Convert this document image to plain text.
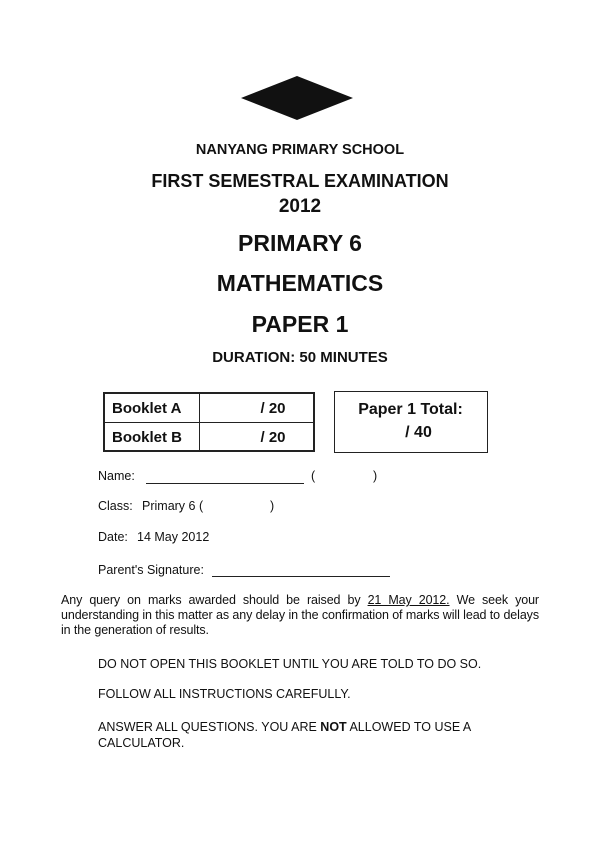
NANYANG PRIMARY SCHOOL
FIRST SEMESTRAL EXAMINATION
2012
PRIMARY 6
MATHEMATICS
PAPER 1
DURATION: 50 MINUTES
Booklet A	/ 20
Booklet B	/ 20
Paper 1 Total:
/ 40
Name:	(	)
Class: Primary 6 (	)
Date: 14 May 2012
Parent's Signature:
Any query on marks awarded should be raised by 21 May 2012. We seek your understanding in this matter as any delay in the confirmation of marks will lead to delays in the generation of results.
DO NOT OPEN THIS BOOKLET UNTIL YOU ARE TOLD TO DO SO.
FOLLOW ALL INSTRUCTIONS CAREFULLY.
ANSWER ALL QUESTIONS. YOU ARE NOT ALLOWED TO USE A CALCULATOR.
